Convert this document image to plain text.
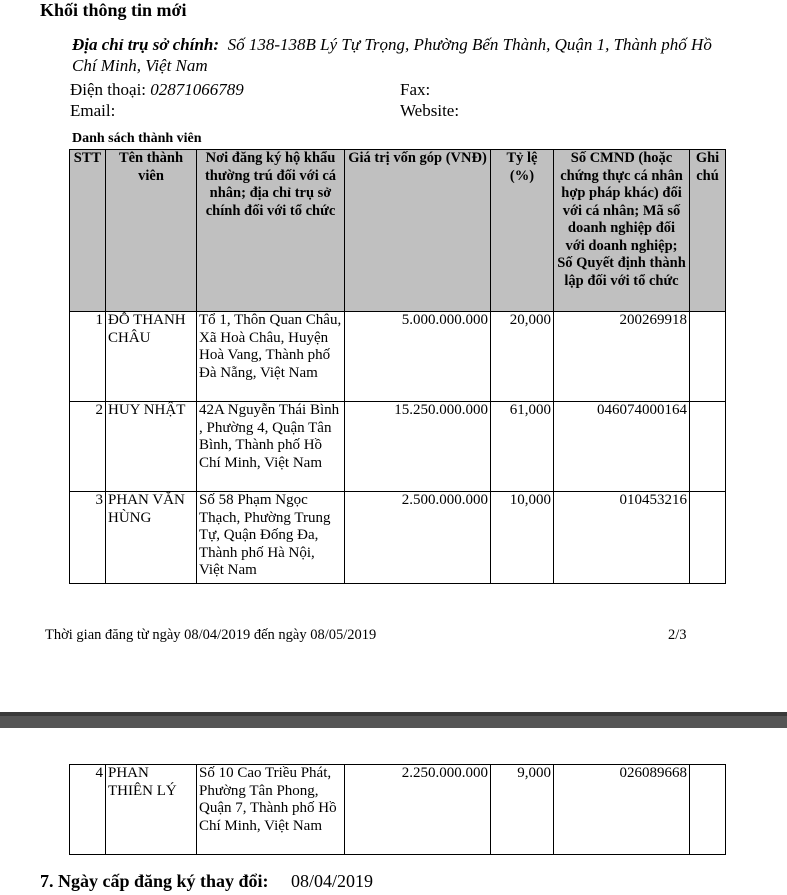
Khối thông tin mới
Địa chỉ trụ sở chính: Số 138-138B Lý Tự Trọng, Phường Bến Thành, Quận 1, Thành phố Hồ Chí Minh, Việt Nam
Điện thoại: 02871066789	Fax:
Email:	Website:
Danh sách thành viên
STT	Tên thành viên	Nơi đăng ký hộ khẩu thường trú đối với cá nhân; địa chỉ trụ sở chính đối với tổ chức	Giá trị vốn góp (VNĐ)	Tỷ lệ (%)	Số CMND (hoặc chứng thực cá nhân hợp pháp khác) đối với cá nhân; Mã số doanh nghiệp đối với doanh nghiệp; Số Quyết định thành lập đối với tổ chức	Ghi chú
1	ĐỖ THANH CHÂU	Tổ 1, Thôn Quan Châu, Xã Hoà Châu, Huyện Hoà Vang, Thành phố Đà Nẵng, Việt Nam	5.000.000.000	20,000	200269918	
2	HUY NHẬT	42A Nguyễn Thái Bình , Phường 4, Quận Tân Bình, Thành phố Hồ Chí Minh, Việt Nam	15.250.000.000	61,000	046074000164	
3	PHAN VĂN HÙNG	Số 58 Phạm Ngọc Thạch, Phường Trung Tự, Quận Đống Đa, Thành phố Hà Nội, Việt Nam	2.500.000.000	10,000	010453216	
Thời gian đăng từ ngày 08/04/2019 đến ngày 08/05/2019	2/3
4	PHAN THIÊN LÝ	Số 10 Cao Triều Phát, Phường Tân Phong, Quận 7, Thành phố Hồ Chí Minh, Việt Nam	2.250.000.000	9,000	026089668	
7. Ngày cấp đăng ký thay đổi: 08/04/2019
